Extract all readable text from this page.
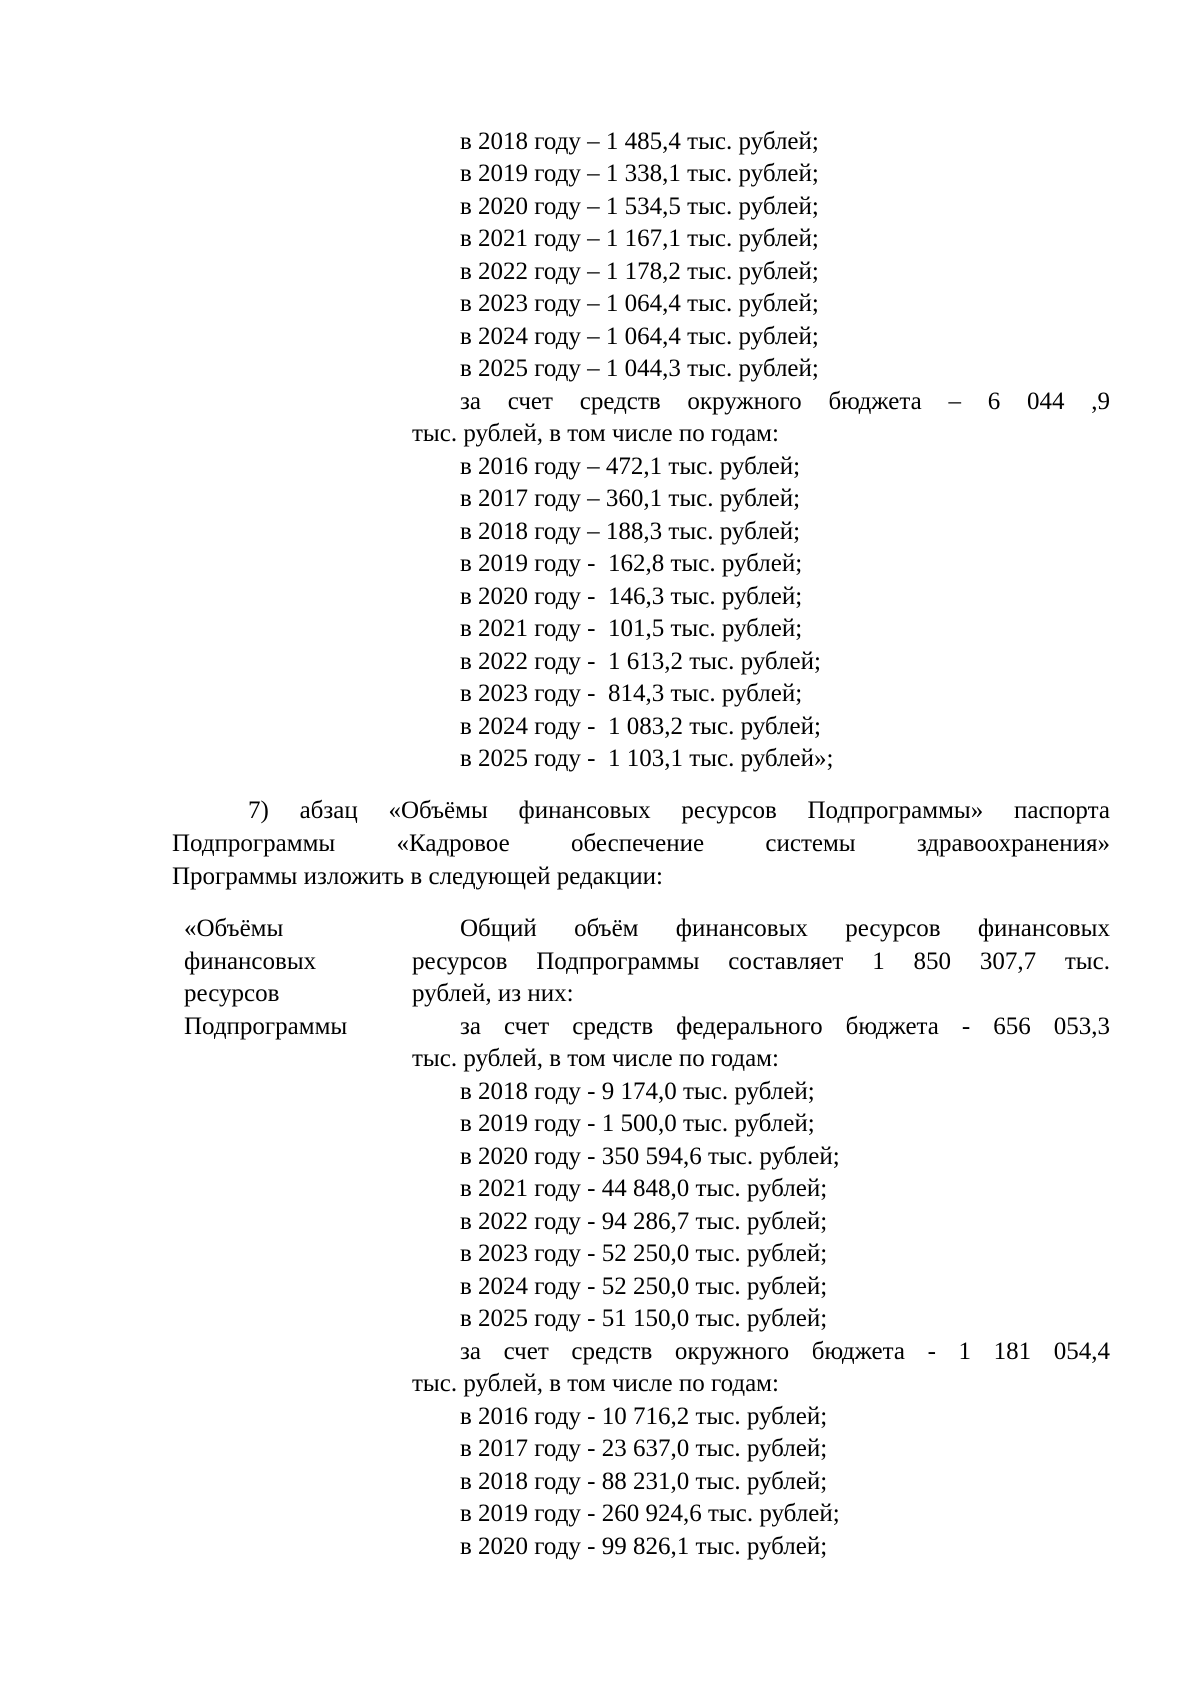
в 2018 году – 1 485,4 тыс. рублей;
в 2019 году – 1 338,1 тыс. рублей;
в 2020 году – 1 534,5 тыс. рублей;
в 2021 году – 1 167,1 тыс. рублей;
в 2022 году – 1 178,2 тыс. рублей;
в 2023 году – 1 064,4 тыс. рублей;
в 2024 году – 1 064,4 тыс. рублей;
в 2025 году – 1 044,3 тыс. рублей;
за счет средств окружного бюджета – 6 044 ,9
тыс. рублей, в том числе по годам:
в 2016 году – 472,1 тыс. рублей;
в 2017 году – 360,1 тыс. рублей;
в 2018 году – 188,3 тыс. рублей;
в 2019 году -  162,8 тыс. рублей;
в 2020 году -  146,3 тыс. рублей;
в 2021 году -  101,5 тыс. рублей;
в 2022 году -  1 613,2 тыс. рублей;
в 2023 году -  814,3 тыс. рублей;
в 2024 году -  1 083,2 тыс. рублей;
в 2025 году -  1 103,1 тыс. рублей»;
7) абзац «Объёмы финансовых ресурсов Подпрограммы» паспорта
Подпрограммы «Кадровое обеспечение системы здравоохранения»
Программы изложить в следующей редакции:
«Объёмы
финансовых
ресурсов
Подпрограммы
Общий объём финансовых ресурсов финансовых
ресурсов Подпрограммы составляет 1 850 307,7 тыс.
рублей, из них:
за счет средств федерального бюджета - 656 053,3
тыс. рублей, в том числе по годам:
в 2018 году - 9 174,0 тыс. рублей;
в 2019 году - 1 500,0 тыс. рублей;
в 2020 году - 350 594,6 тыс. рублей;
в 2021 году - 44 848,0 тыс. рублей;
в 2022 году - 94 286,7 тыс. рублей;
в 2023 году - 52 250,0 тыс. рублей;
в 2024 году - 52 250,0 тыс. рублей;
в 2025 году - 51 150,0 тыс. рублей;
за счет средств окружного бюджета - 1 181 054,4
тыс. рублей, в том числе по годам:
в 2016 году - 10 716,2 тыс. рублей;
в 2017 году - 23 637,0 тыс. рублей;
в 2018 году - 88 231,0 тыс. рублей;
в 2019 году - 260 924,6 тыс. рублей;
в 2020 году - 99 826,1 тыс. рублей;
